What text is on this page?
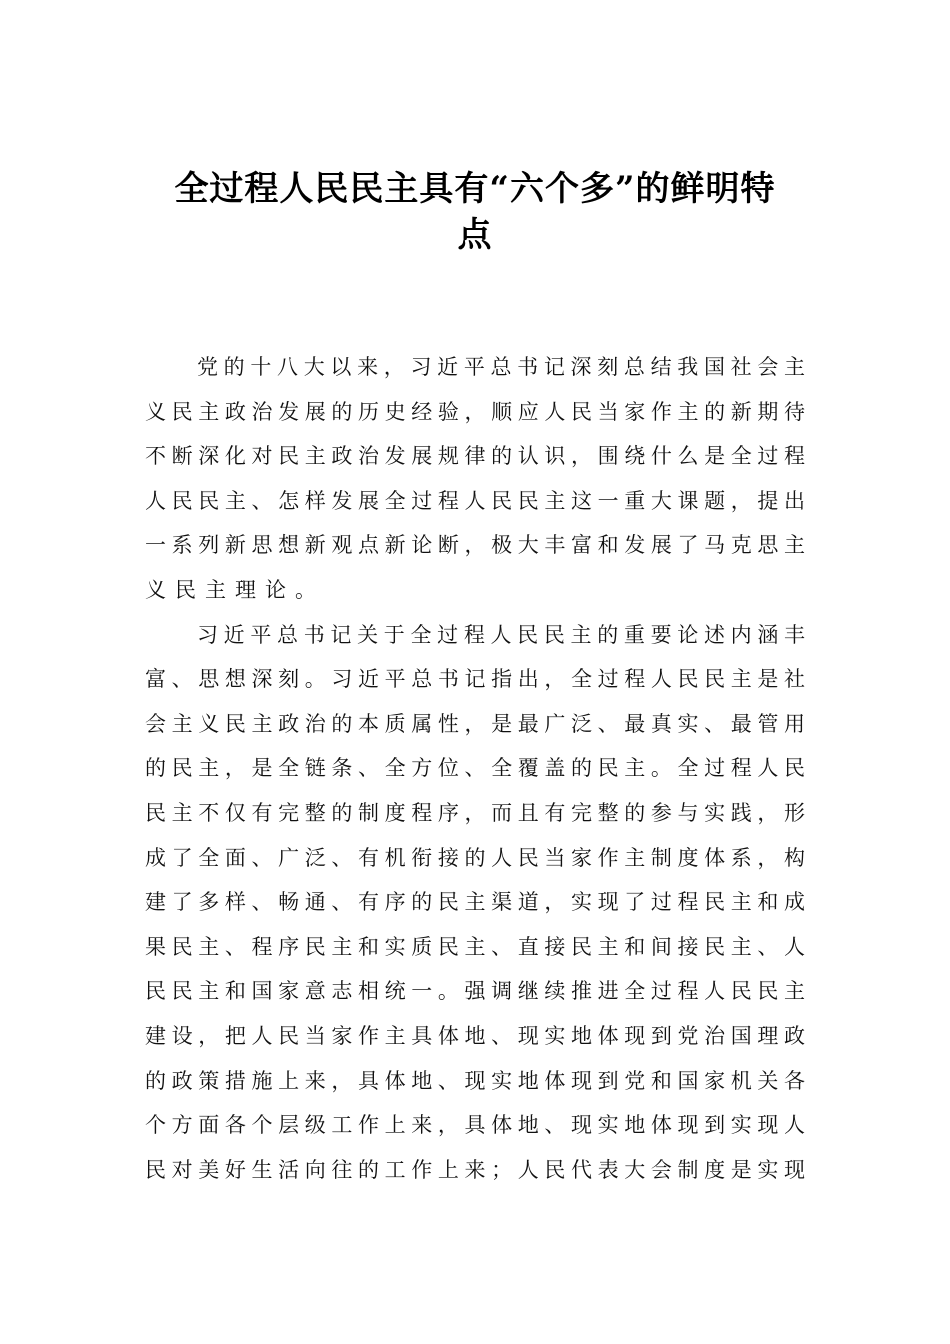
全过程人民民主具有“六个多”的鲜明特
点
党的十八大以来，习近平总书记深刻总结我国社会主
义民主政治发展的历史经验，顺应人民当家作主的新期待
不断深化对民主政治发展规律的认识，围绕什么是全过程
人民民主、怎样发展全过程人民民主这一重大课题，提出
一系列新思想新观点新论断，极大丰富和发展了马克思主
义民主理论。
习近平总书记关于全过程人民民主的重要论述内涵丰
富、思想深刻。习近平总书记指出，全过程人民民主是社
会主义民主政治的本质属性，是最广泛、最真实、最管用
的民主，是全链条、全方位、全覆盖的民主。全过程人民
民主不仅有完整的制度程序，而且有完整的参与实践，形
成了全面、广泛、有机衔接的人民当家作主制度体系，构
建了多样、畅通、有序的民主渠道，实现了过程民主和成
果民主、程序民主和实质民主、直接民主和间接民主、人
民民主和国家意志相统一。强调继续推进全过程人民民主
建设，把人民当家作主具体地、现实地体现到党治国理政
的政策措施上来，具体地、现实地体现到党和国家机关各
个方面各个层级工作上来，具体地、现实地体现到实现人
民对美好生活向往的工作上来；人民代表大会制度是实现
